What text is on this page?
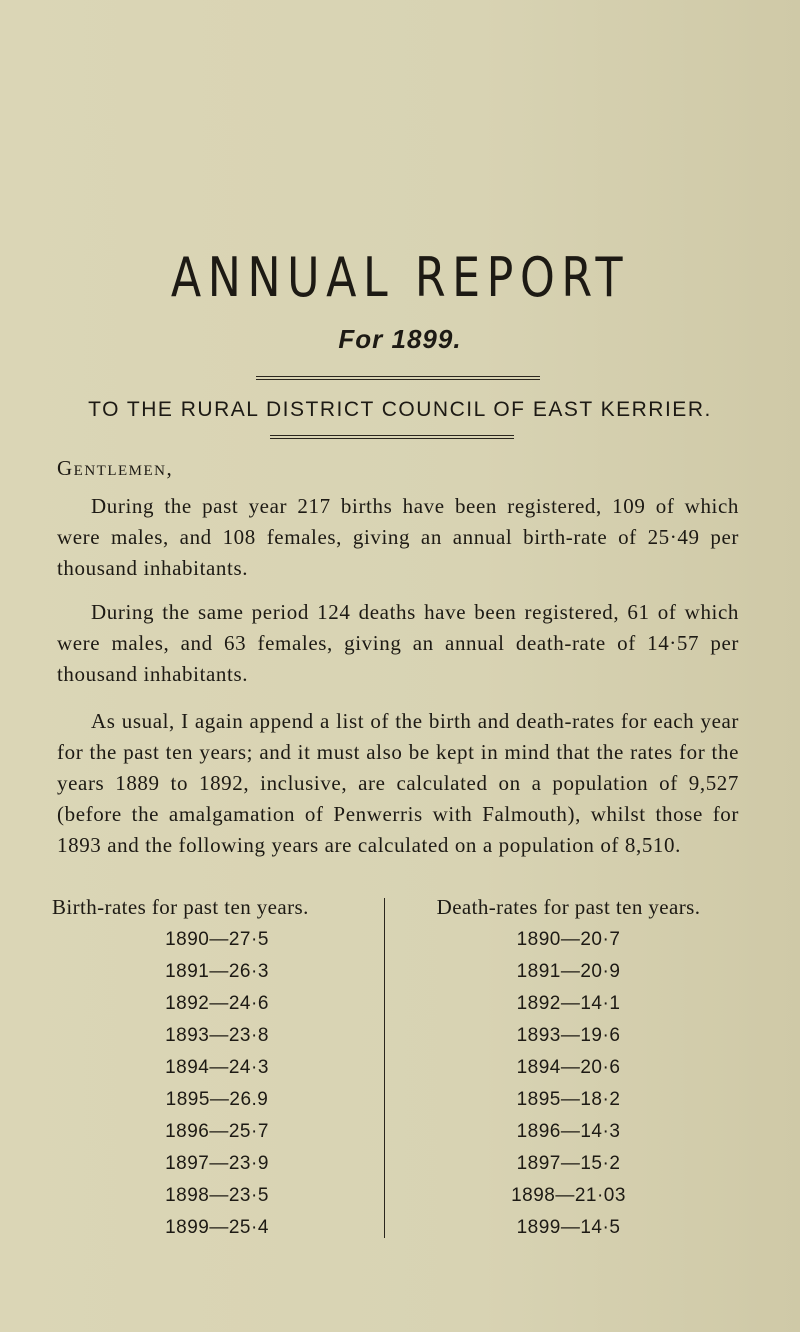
ANNUAL REPORT
For 1899.
TO THE RURAL DISTRICT COUNCIL OF EAST KERRIER.
Gentlemen,

During the past year 217 births have been registered, 109 of which were males, and 108 females, giving an annual birth-rate of 25·49 per thousand inhabitants.

During the same period 124 deaths have been registered, 61 of which were males, and 63 females, giving an annual death-rate of 14·57 per thousand inhabitants.

As usual, I again append a list of the birth and death-rates for each year for the past ten years; and it must also be kept in mind that the rates for the years 1889 to 1892, inclusive, are calculated on a population of 9,527 (before the amalgamation of Penwerris with Falmouth), whilst those for 1893 and the following years are calculated on a population of 8,510.

Birth-rates for past ten years.
1890—27·5
1891—26·3
1892—24·6
1893—23·8
1894—24·3
1895—26.9
1896—25·7
1897—23·9
1898—23·5
1899—25·4
Death-rates for past ten years.
1890—20·7
1891—20·9
1892—14·1
1893—19·6
1894—20·6
1895—18·2
1896—14·3
1897—15·2
1898—21·03
1899—14·5
